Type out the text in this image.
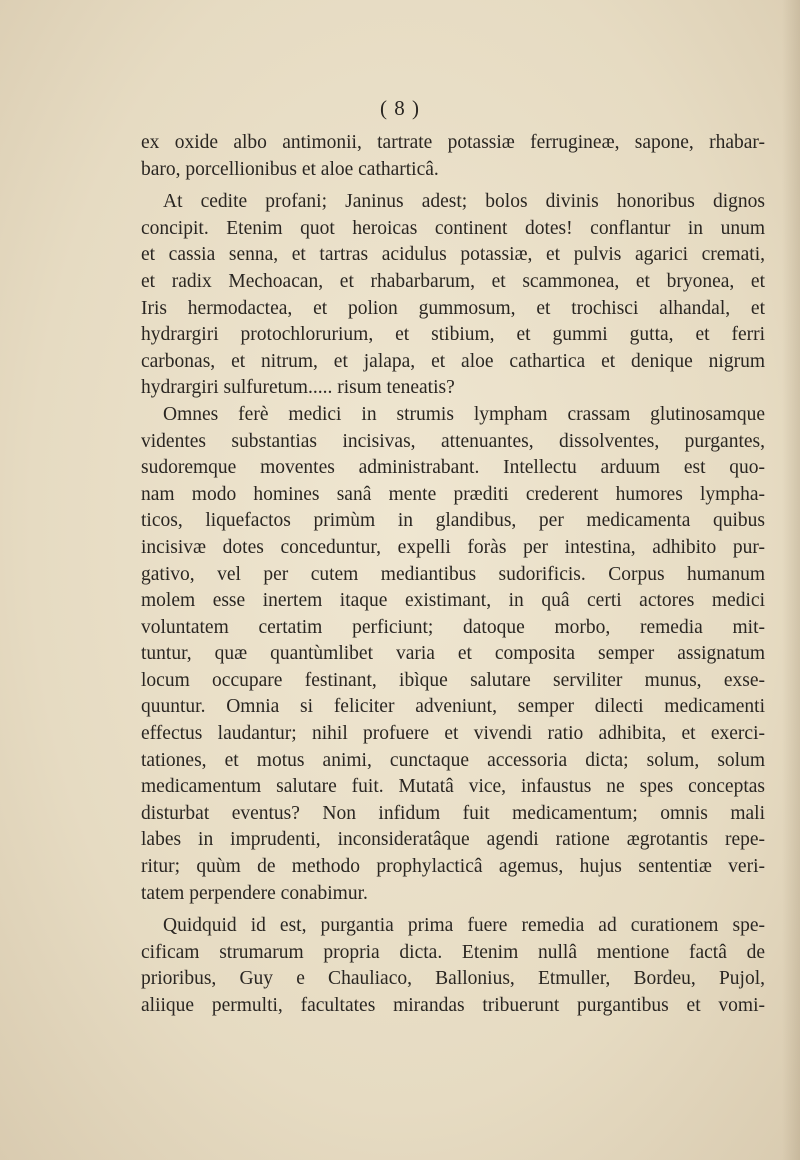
( 8 )
ex oxide albo antimonii, tartrate potassiæ ferrugineæ, sapone, rhabar-
baro, porcellionibus et aloe catharticâ.
At cedite profani; Janinus adest; bolos divinis honoribus dignos
concipit. Etenim quot heroicas continent dotes! conflantur in unum
et cassia senna, et tartras acidulus potassiæ, et pulvis agarici cremati,
et radix Mechoacan, et rhabarbarum, et scammonea, et bryonea, et
Iris hermodactea, et polion gummosum, et trochisci alhandal, et
hydrargiri protochlorurium, et stibium, et gummi gutta, et ferri
carbonas, et nitrum, et jalapa, et aloe cathartica et denique nigrum
hydrargiri sulfuretum..... risum teneatis?
Omnes ferè medici in strumis lympham crassam glutinosamque
videntes substantias incisivas, attenuantes, dissolventes, purgantes,
sudoremque moventes administrabant. Intellectu arduum est quo-
nam modo homines sanâ mente præditi crederent humores lympha-
ticos, liquefactos primùm in glandibus, per medicamenta quibus
incisivæ dotes conceduntur, expelli foràs per intestina, adhibito pur-
gativo, vel per cutem mediantibus sudorificis. Corpus humanum
molem esse inertem itaque existimant, in quâ certi actores medici
voluntatem certatim perficiunt; datoque morbo, remedia mit-
tuntur, quæ quantùmlibet varia et composita semper assignatum
locum occupare festinant, ibìque salutare serviliter munus, exse-
quuntur. Omnia si feliciter adveniunt, semper dilecti medicamenti
effectus laudantur; nihil profuere et vivendi ratio adhibita, et exerci-
tationes, et motus animi, cunctaque accessoria dicta; solum, solum
medicamentum salutare fuit. Mutatâ vice, infaustus ne spes conceptas
disturbat eventus? Non infidum fuit medicamentum; omnis mali
labes in imprudenti, inconsideratâque agendi ratione ægrotantis repe-
ritur; quùm de methodo prophylacticâ agemus, hujus sententiæ veri-
tatem perpendere conabimur.
Quidquid id est, purgantia prima fuere remedia ad curationem spe-
cificam strumarum propria dicta. Etenim nullâ mentione factâ de
prioribus, Guy e Chauliaco, Ballonius, Etmuller, Bordeu, Pujol,
aliique permulti, facultates mirandas tribuerunt purgantibus et vomi-
